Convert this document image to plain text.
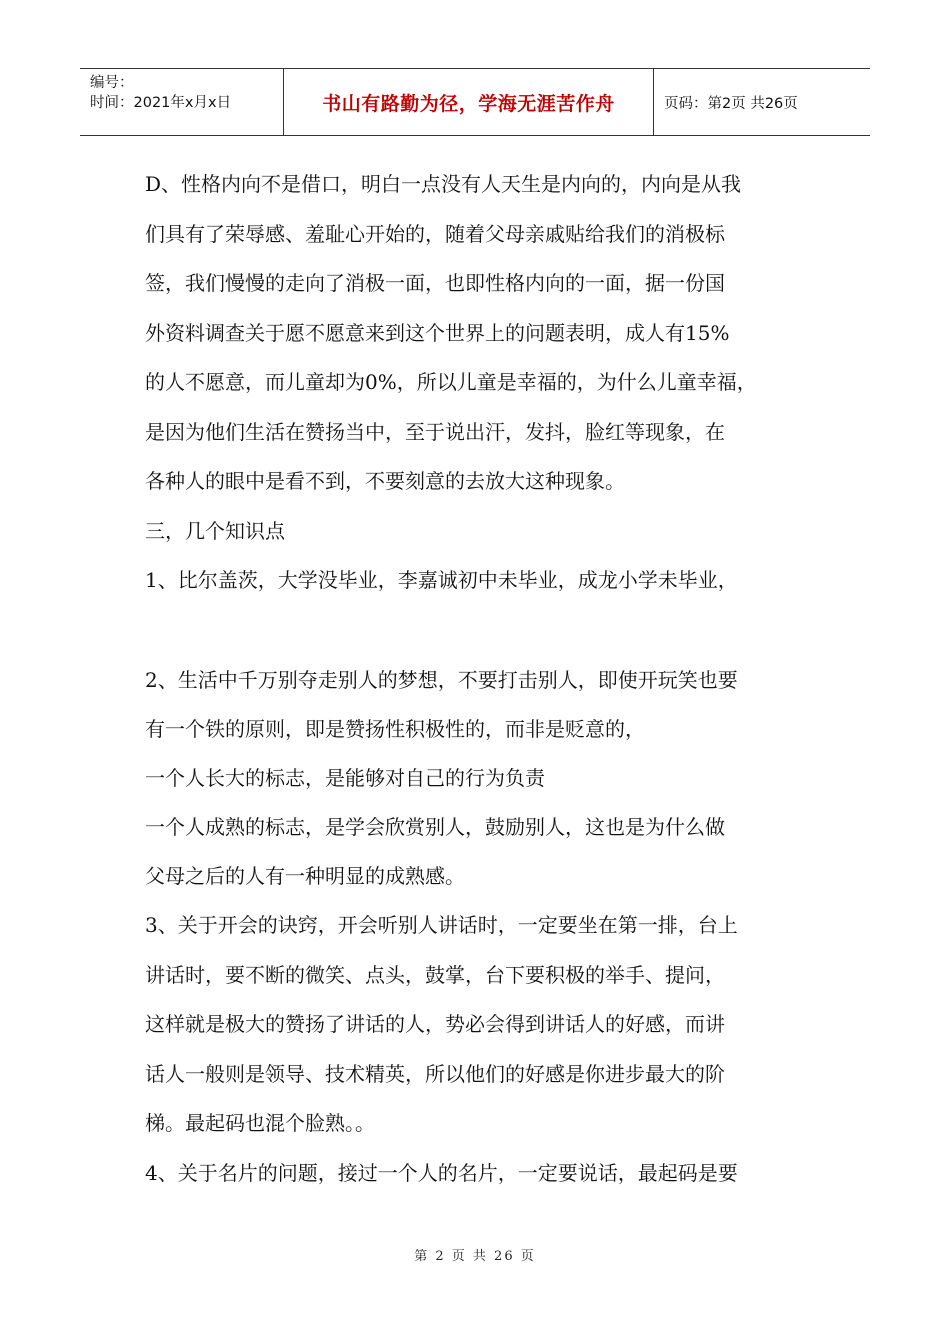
编号：
时间：2021年x月x日	书山有路勤为径，学海无涯苦作舟	页码：第2页 共26页
D、性格内向不是借口，明白一点没有人天生是内向的，内向是从我
们具有了荣辱感、羞耻心开始的，随着父母亲戚贴给我们的消极标
签，我们慢慢的走向了消极一面，也即性格内向的一面，据一份国
外资料调查关于愿不愿意来到这个世界上的问题表明，成人有15%
的人不愿意，而儿童却为0%，所以儿童是幸福的，为什么儿童幸福，
是因为他们生活在赞扬当中，至于说出汗，发抖，脸红等现象，在
各种人的眼中是看不到，不要刻意的去放大这种现象。
三，几个知识点
1、比尔盖茨，大学没毕业，李嘉诚初中未毕业，成龙小学未毕业，
2、生活中千万别夺走别人的梦想，不要打击别人，即使开玩笑也要
有一个铁的原则，即是赞扬性积极性的，而非是贬意的，
一个人长大的标志，是能够对自己的行为负责
一个人成熟的标志，是学会欣赏别人，鼓励别人，这也是为什么做
父母之后的人有一种明显的成熟感。
3、关于开会的诀窍，开会听别人讲话时，一定要坐在第一排，台上
讲话时，要不断的微笑、点头，鼓掌，台下要积极的举手、提问，
这样就是极大的赞扬了讲话的人，势必会得到讲话人的好感，而讲
话人一般则是领导、技术精英，所以他们的好感是你进步最大的阶
梯。最起码也混个脸熟。。
4、关于名片的问题，接过一个人的名片，一定要说话，最起码是要
第 2 页 共 26 页
